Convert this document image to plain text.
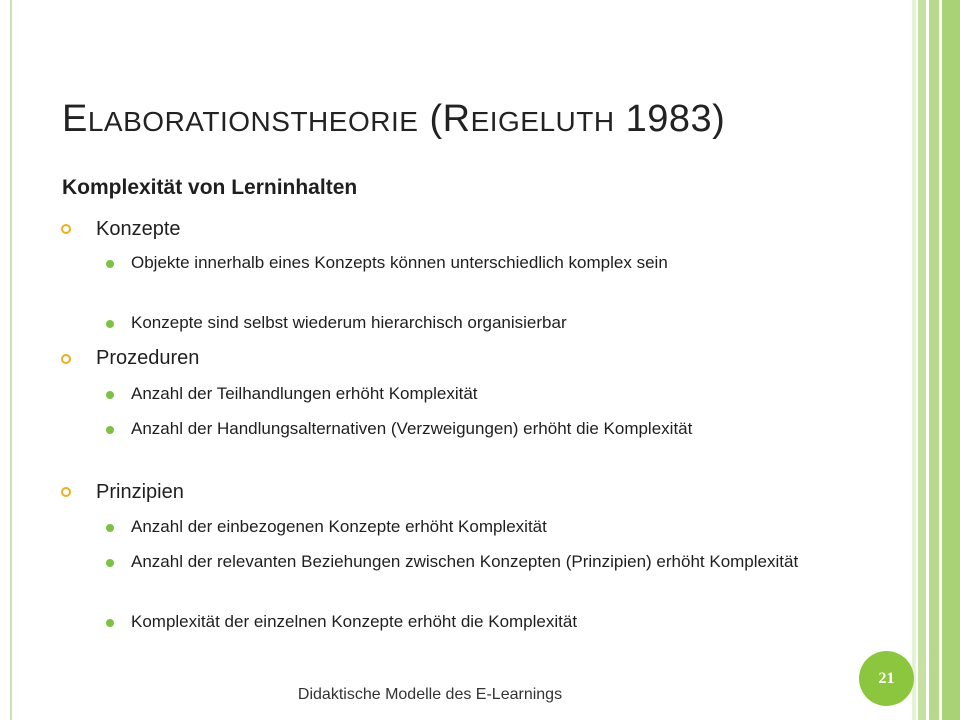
ELABORATIONSTHEORIE (REIGELUTH 1983)
Komplexität von Lerninhalten
Konzepte
Objekte innerhalb eines Konzepts können unterschiedlich komplex sein
Konzepte sind selbst wiederum hierarchisch organisierbar
Prozeduren
Anzahl der Teilhandlungen erhöht Komplexität
Anzahl der Handlungsalternativen (Verzweigungen) erhöht die Komplexität
Prinzipien
Anzahl der einbezogenen Konzepte erhöht Komplexität
Anzahl der relevanten Beziehungen zwischen Konzepten (Prinzipien) erhöht Komplexität
Komplexität der einzelnen Konzepte erhöht die Komplexität
Didaktische Modelle des E-Learnings
21
